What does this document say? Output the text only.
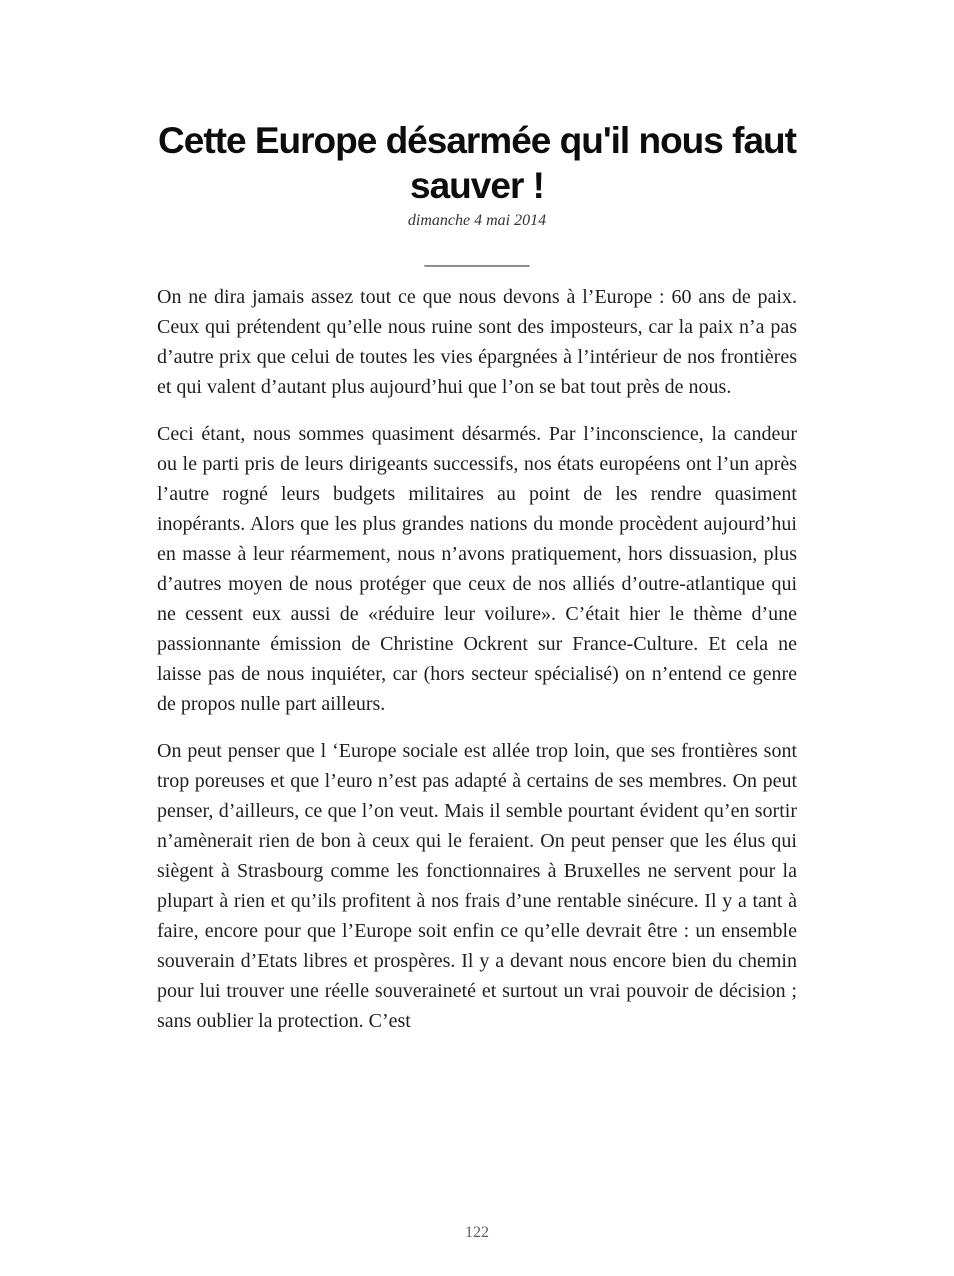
Cette Europe désarmée qu'il nous faut sauver !
dimanche 4 mai 2014
__________

On ne dira jamais assez tout ce que nous devons à l’Europe : 60 ans de paix. Ceux qui prétendent qu’elle nous ruine sont des imposteurs, car la paix n’a pas d’autre prix que celui de toutes les vies épargnées à l’intérieur de nos frontières et qui valent d’autant plus aujourd’hui que l’on se bat tout près de nous.

Ceci étant, nous sommes quasiment désarmés. Par l’inconscience, la candeur ou le parti pris de leurs dirigeants successifs, nos états européens ont l’un après l’autre rogné leurs budgets militaires au point de les rendre quasiment inopérants. Alors que les plus grandes nations du monde procèdent aujourd’hui en masse à leur réarmement, nous n’avons pratiquement, hors dissuasion, plus d’autres moyen de nous protéger que ceux de nos alliés d’outre-atlantique qui ne cessent eux aussi de «réduire leur voilure». C’était hier le thème d’une passionnante émission de Christine Ockrent sur France-Culture. Et cela ne laisse pas de nous inquiéter, car (hors secteur spécialisé) on n’entend ce genre de propos nulle part ailleurs.

On peut penser que l ‘Europe sociale est allée trop loin, que ses frontières sont trop poreuses et que l’euro n’est pas adapté à certains de ses membres. On peut penser, d’ailleurs, ce que l’on veut. Mais il semble pourtant évident qu’en sortir n’amènerait rien de bon à ceux qui le feraient. On peut penser que les élus qui siègent à Strasbourg comme les fonctionnaires à Bruxelles ne servent pour la plupart à rien et qu’ils profitent à nos frais d’une rentable sinécure. Il y a tant à faire, encore pour que l’Europe soit enfin ce qu’elle devrait être : un ensemble souverain d’Etats libres et prospères. Il y a devant nous encore bien du chemin pour lui trouver une réelle souveraineté et surtout un vrai pouvoir de décision ; sans oublier la protection. C’est

122
